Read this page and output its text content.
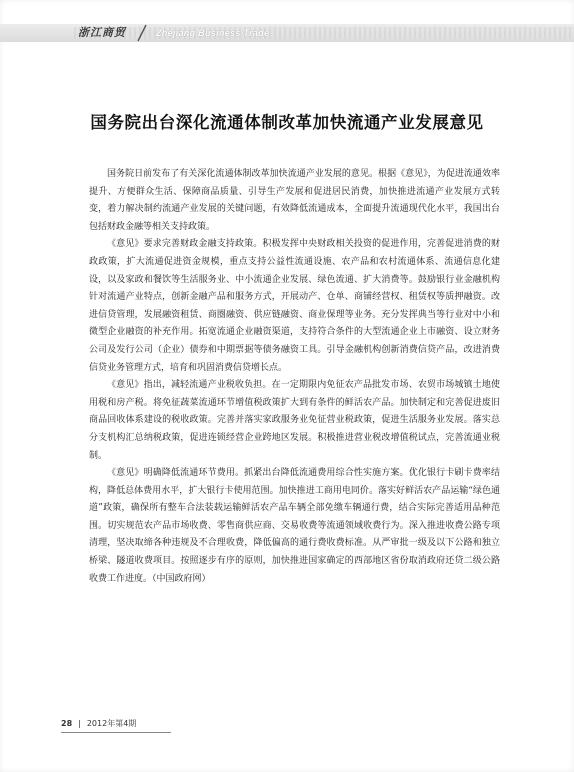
浙江商贸	Zhejiang Business Trade
国务院出台深化流通体制改革加快流通产业发展意见

国务院日前发布了有关深化流通体制改革加快流通产业发展的意见。根据《意见》，为促进流通效率提升、方便群众生活、保障商品质量、引导生产发展和促进居民消费，加快推进流通产业发展方式转变，着力解决制约流通产业发展的关键问题，有效降低流通成本，全面提升流通现代化水平，我国出台包括财政金融等相关支持政策。

《意见》要求完善财政金融支持政策。积极发挥中央财政相关投资的促进作用，完善促进消费的财政政策，扩大流通促进资金规模，重点支持公益性流通设施、农产品和农村流通体系、流通信息化建设，以及家政和餐饮等生活服务业、中小流通企业发展、绿色流通、扩大消费等。鼓励银行业金融机构针对流通产业特点，创新金融产品和服务方式，开展动产、仓单、商铺经营权、租赁权等质押融资。改进信贷管理，发展融资租赁、商圈融资、供应链融资、商业保理等业务。充分发挥典当等行业对中小和微型企业融资的补充作用。拓宽流通企业融资渠道，支持符合条件的大型流通企业上市融资、设立财务公司及发行公司（企业）债券和中期票据等债务融资工具。引导金融机构创新消费信贷产品，改进消费信贷业务管理方式，培育和巩固消费信贷增长点。

《意见》指出，减轻流通产业税收负担。在一定期限内免征农产品批发市场、农贸市场城镇土地使用税和房产税。将免征蔬菜流通环节增值税政策扩大到有条件的鲜活农产品。加快制定和完善促进废旧商品回收体系建设的税收政策。完善并落实家政服务业免征营业税政策，促进生活服务业发展。落实总分支机构汇总纳税政策，促进连锁经营企业跨地区发展。积极推进营业税改增值税试点，完善流通业税制。

《意见》明确降低流通环节费用。抓紧出台降低流通费用综合性实施方案。优化银行卡刷卡费率结构，降低总体费用水平，扩大银行卡使用范围。加快推进工商用电同价。落实好鲜活农产品运输“绿色通道”政策，确保所有整车合法装载运输鲜活农产品车辆全部免缴车辆通行费，结合实际完善适用品种范围。切实规范农产品市场收费、零售商供应商、交易收费等流通领域收费行为。深入推进收费公路专项清理，坚决取缔各种违规及不合理收费，降低偏高的通行费收费标准。从严审批一级及以下公路和独立桥梁、隧道收费项目。按照逐步有序的原则，加快推进国家确定的西部地区省份取消政府还贷二级公路收费工作进度。（中国政府网）

28 | 2012年第4期
